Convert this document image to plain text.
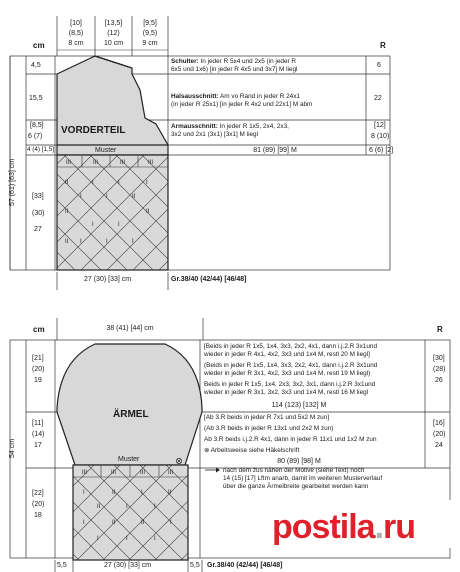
III	III	III	III
II	I	I	I
II
I	I	II
I	I
II
I	I	I
II
III	III	III	III
I	II	I	II
II	I	I
I	II	II	I
I	I	I
cm	R
[10]
(8,5)
8 cm
[13,5]
(12)
10 cm
[9,5]
(9,5)
9 cm
4,5
15,5
[8,5]
6 (7)
4 (4) [1,5]
[33]
(30)
27
57 (61) [63] cm
VORDERTEIL
Muster
27 (30) [33] cm	Gr.38/40 (42/44) [46/48]
Schulter: In jeder R 5x4 und 2x5 (in jeder R
6x5 und 1x6) [in jeder R 4x5 und 3x7] M liegl
Halsausschnitt: Am vo Rand in jeder R 24x1
(in jeder R 25x1) [in jeder R 4x2 und 22x1] M abm
Armausschnitt: In jeder R 1x5, 2x4, 2x3,
3x2 und 2x1 (3x1) [3x1] M liegl
81 (89) [99] M
6
22
[12]
8 (10)
6 (6) [2]
cm	R
38 (41) [44] cm
[21]
(20)
19
[11]
(14)
17
[22]
(20)
18
54 cm
ÄRMEL
Muster
5,5	27 (30) [33] cm	5,5 Gr.38/40 (42/44) [46/48]
[Beids in jeder R 1x5, 1x4, 3x3, 2x2, 4x1, dann i.j.2.R 3x1und
wieder in jeder R 4x1, 4x2, 3x3 und 1x4 M, restl 20 M liegl]
(Beids in jeder R 1x5, 1x4, 3x3, 2x2, 4x1, dann i.j.2.R 3x1und
wieder in jeder R 3x1, 4x2, 3x3 und 1x4 M, restl 19 M liegl)
Beids in jeder R 1x5, 1x4, 2x3, 3x2, 3x1, dann i.j.2.R 3x1und
wieder in jeder R 3x1, 3x2, 3x3 und 1x4 M, restl 16 M liegl
114 (123) [132] M
[Ab 3.R beids in jeder R 7x1 und 5x2 M zun]
(Ab 3.R beids in jeder R 13x1 und 2x2 M zun)
Ab 3.R beids i.j.2.R 4x1, dann in jeder R 11x1 und 1x2 M zun
⊗ Arbeitsweise siehe Häkelschrift
80 (89) [98] M
nach dem zus nähen der Motive (siehe Text) noch
14 (15) [17] Lftm anarb, damit im weiteren Musterverlauf
über die ganze Ärmelbreite gearbeitet werden kann
[30]
(28)
26
[16]
(20)
24
postila.ru
